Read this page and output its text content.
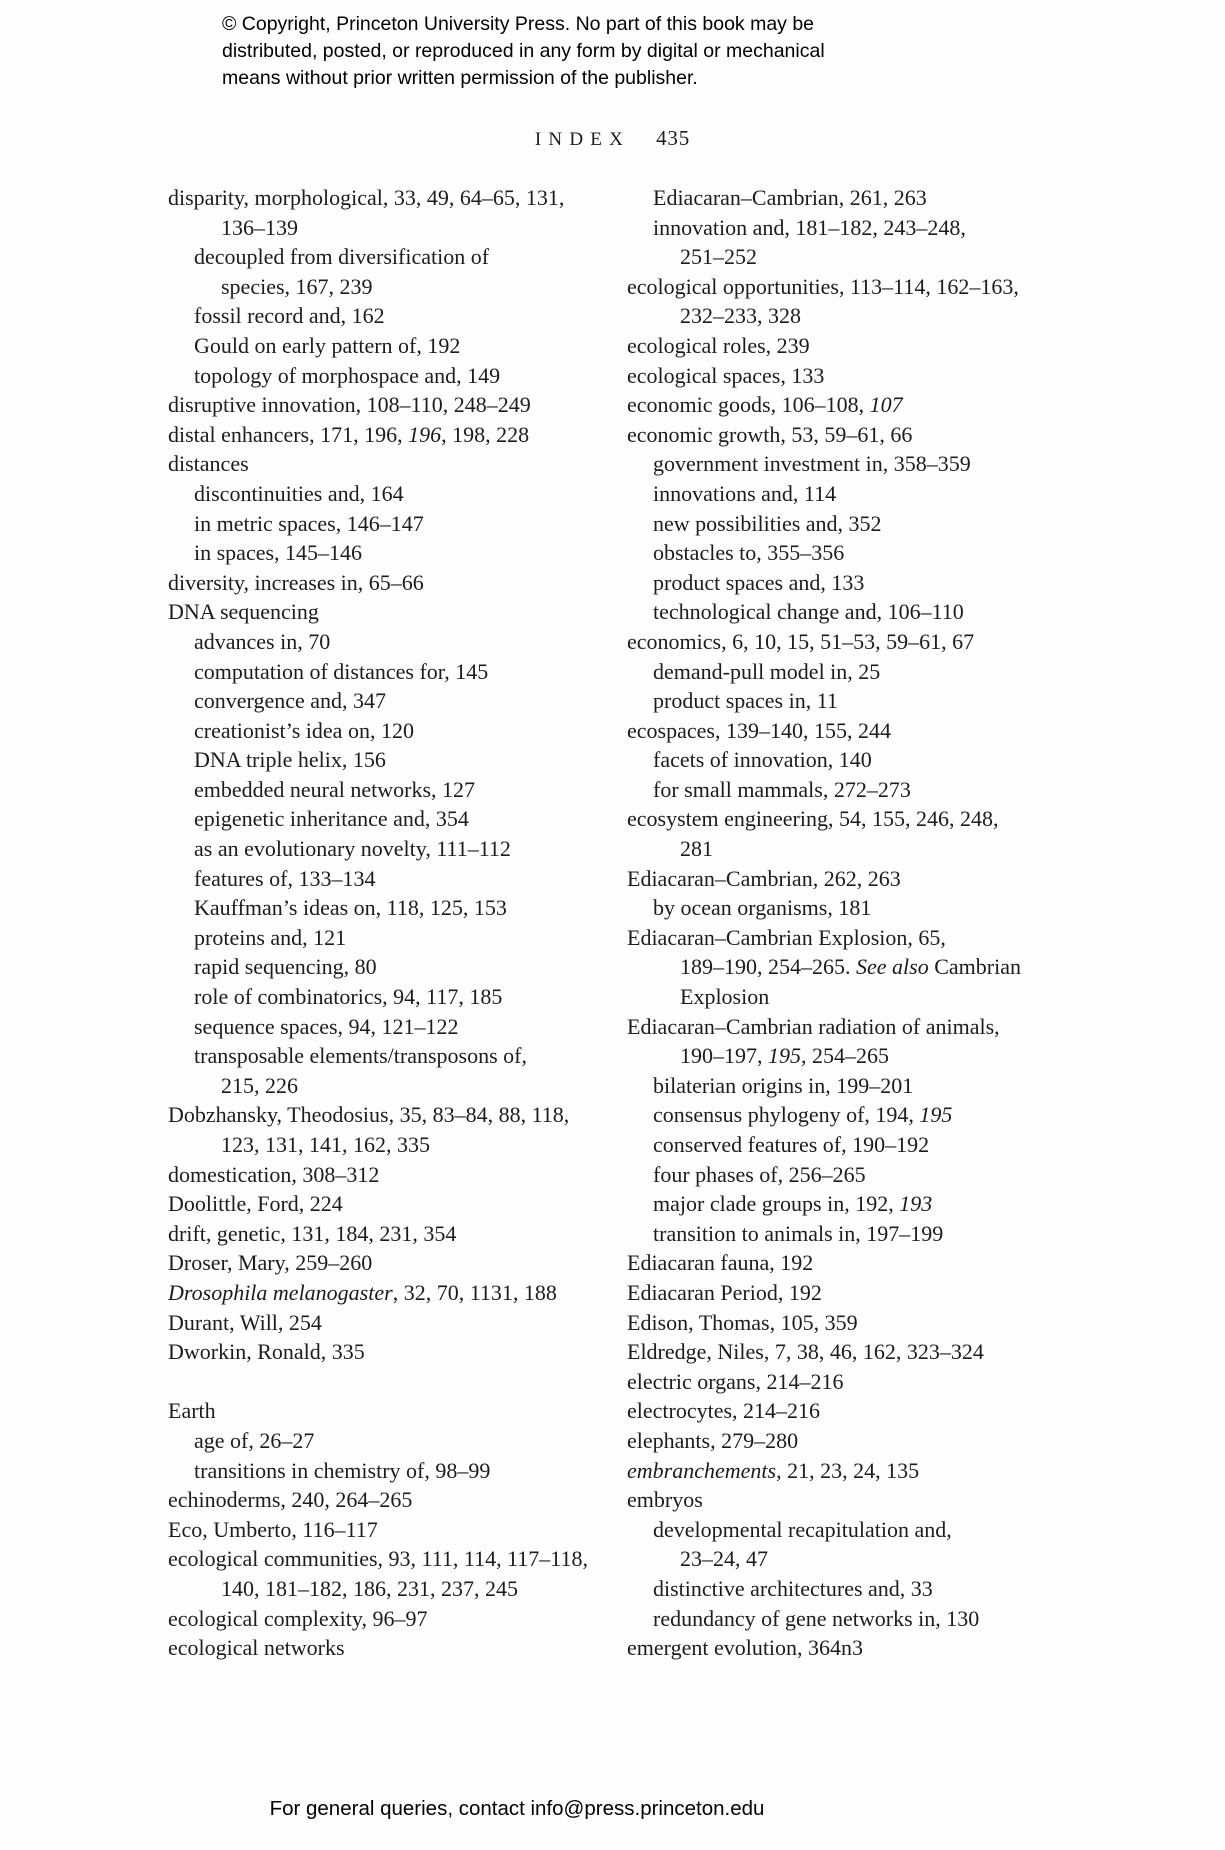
© Copyright, Princeton University Press. No part of this book may be
distributed, posted, or reproduced in any form by digital or mechanical
means without prior written permission of the publisher.
INDEX 435
disparity, morphological, 33, 49, 64–65, 131,
136–139
decoupled from diversification of
species, 167, 239
fossil record and, 162
Gould on early pattern of, 192
topology of morphospace and, 149
disruptive innovation, 108–110, 248–249
distal enhancers, 171, 196, 196, 198, 228
distances
discontinuities and, 164
in metric spaces, 146–147
in spaces, 145–146
diversity, increases in, 65–66
DNA sequencing
advances in, 70
computation of distances for, 145
convergence and, 347
creationist’s idea on, 120
DNA triple helix, 156
embedded neural networks, 127
epigenetic inheritance and, 354
as an evolutionary novelty, 111–112
features of, 133–134
Kauffman’s ideas on, 118, 125, 153
proteins and, 121
rapid sequencing, 80
role of combinatorics, 94, 117, 185
sequence spaces, 94, 121–122
transposable elements/transposons of,
215, 226
Dobzhansky, Theodosius, 35, 83–84, 88, 118,
123, 131, 141, 162, 335
domestication, 308–312
Doolittle, Ford, 224
drift, genetic, 131, 184, 231, 354
Droser, Mary, 259–260
Drosophila melanogaster, 32, 70, 1131, 188
Durant, Will, 254
Dworkin, Ronald, 335
Earth
age of, 26–27
transitions in chemistry of, 98–99
echinoderms, 240, 264–265
Eco, Umberto, 116–117
ecological communities, 93, 111, 114, 117–118,
140, 181–182, 186, 231, 237, 245
ecological complexity, 96–97
ecological networks
Ediacaran–Cambrian, 261, 263
innovation and, 181–182, 243–248,
251–252
ecological opportunities, 113–114, 162–163,
232–233, 328
ecological roles, 239
ecological spaces, 133
economic goods, 106–108, 107
economic growth, 53, 59–61, 66
government investment in, 358–359
innovations and, 114
new possibilities and, 352
obstacles to, 355–356
product spaces and, 133
technological change and, 106–110
economics, 6, 10, 15, 51–53, 59–61, 67
demand-pull model in, 25
product spaces in, 11
ecospaces, 139–140, 155, 244
facets of innovation, 140
for small mammals, 272–273
ecosystem engineering, 54, 155, 246, 248,
281
Ediacaran–Cambrian, 262, 263
by ocean organisms, 181
Ediacaran–Cambrian Explosion, 65,
189–190, 254–265. See also Cambrian
Explosion
Ediacaran–Cambrian radiation of animals,
190–197, 195, 254–265
bilaterian origins in, 199–201
consensus phylogeny of, 194, 195
conserved features of, 190–192
four phases of, 256–265
major clade groups in, 192, 193
transition to animals in, 197–199
Ediacaran fauna, 192
Ediacaran Period, 192
Edison, Thomas, 105, 359
Eldredge, Niles, 7, 38, 46, 162, 323–324
electric organs, 214–216
electrocytes, 214–216
elephants, 279–280
embranchements, 21, 23, 24, 135
embryos
developmental recapitulation and,
23–24, 47
distinctive architectures and, 33
redundancy of gene networks in, 130
emergent evolution, 364n3
For general queries, contact info@press.princeton.edu
